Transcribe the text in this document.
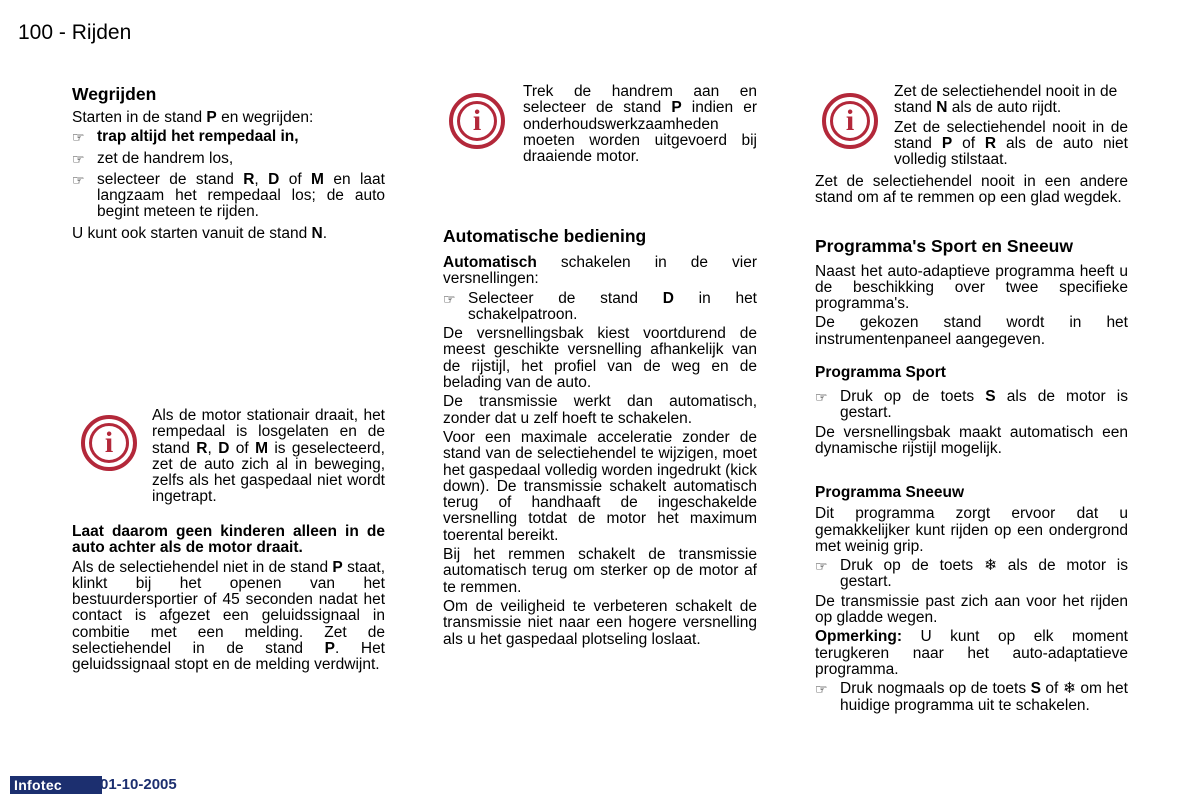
100 - Rijden
Wegrijden

Starten in de stand P en wegrijden:

☞ trap altijd het rempedaal in,
☞ zet de handrem los,
☞ selecteer de stand R, D of M en laat langzaam het rempedaal los; de auto begint meteen te rijden.

U kunt ook starten vanuit de stand N.

i

Als de motor stationair draait, het rempedaal is losgelaten en de stand R, D of M is geselecteerd, zet de auto zich al in beweging, zelfs als het gaspedaal niet wordt ingetrapt.

Laat daarom geen kinderen alleen in de auto achter als de motor draait.

Als de selectiehendel niet in de stand P staat, klinkt bij het openen van het bestuurdersportier of 45 seconden nadat het contact is afgezet een geluidssignaal in combitie met een melding. Zet de selectiehendel in de stand P. Het geluidssignaal stopt en de melding verdwijnt.

i

Trek de handrem aan en selecteer de stand P indien er onderhoudswerkzaamheden moeten worden uitgevoerd bij draaiende motor.

Automatische bediening

Automatisch schakelen in de vier versnellingen:

☞ Selecteer de stand D in het schakelpatroon.

De versnellingsbak kiest voortdurend de meest geschikte versnelling afhankelijk van de rijstijl, het profiel van de weg en de belading van de auto.

De transmissie werkt dan automatisch, zonder dat u zelf hoeft te schakelen.

Voor een maximale acceleratie zonder de stand van de selectiehendel te wijzigen, moet het gaspedaal volledig worden ingedrukt (kick down). De transmissie schakelt automatisch terug of handhaaft de ingeschakelde versnelling totdat de motor het maximum toerental bereikt.

Bij het remmen schakelt de transmissie automatisch terug om sterker op de motor af te remmen.

Om de veiligheid te verbeteren schakelt de transmissie niet naar een hogere versnelling als u het gaspedaal plotseling loslaat.

i

Zet de selectiehendel nooit in de stand N als de auto rijdt.

Zet de selectiehendel nooit in de stand P of R als de auto niet volledig stilstaat.

Zet de selectiehendel nooit in een andere stand om af te remmen op een glad wegdek.

Programma's Sport en Sneeuw

Naast het auto-adaptieve programma heeft u de beschikking over twee specifieke programma's.

De gekozen stand wordt in het instrumentenpaneel aangegeven.

Programma Sport
☞ Druk op de toets S als de motor is gestart.

De versnellingsbak maakt automatisch een dynamische rijstijl mogelijk.

Programma Sneeuw

Dit programma zorgt ervoor dat u gemakkelijker kunt rijden op een ondergrond met weinig grip.

☞ Druk op de toets ❄ als de motor is gestart.

De transmissie past zich aan voor het rijden op gladde wegen.

Opmerking: U kunt op elk moment terugkeren naar het auto-adaptatieve programma.

☞ Druk nogmaals op de toets S of ❄ om het huidige programma uit te schakelen.
Infotec	01-10-2005
